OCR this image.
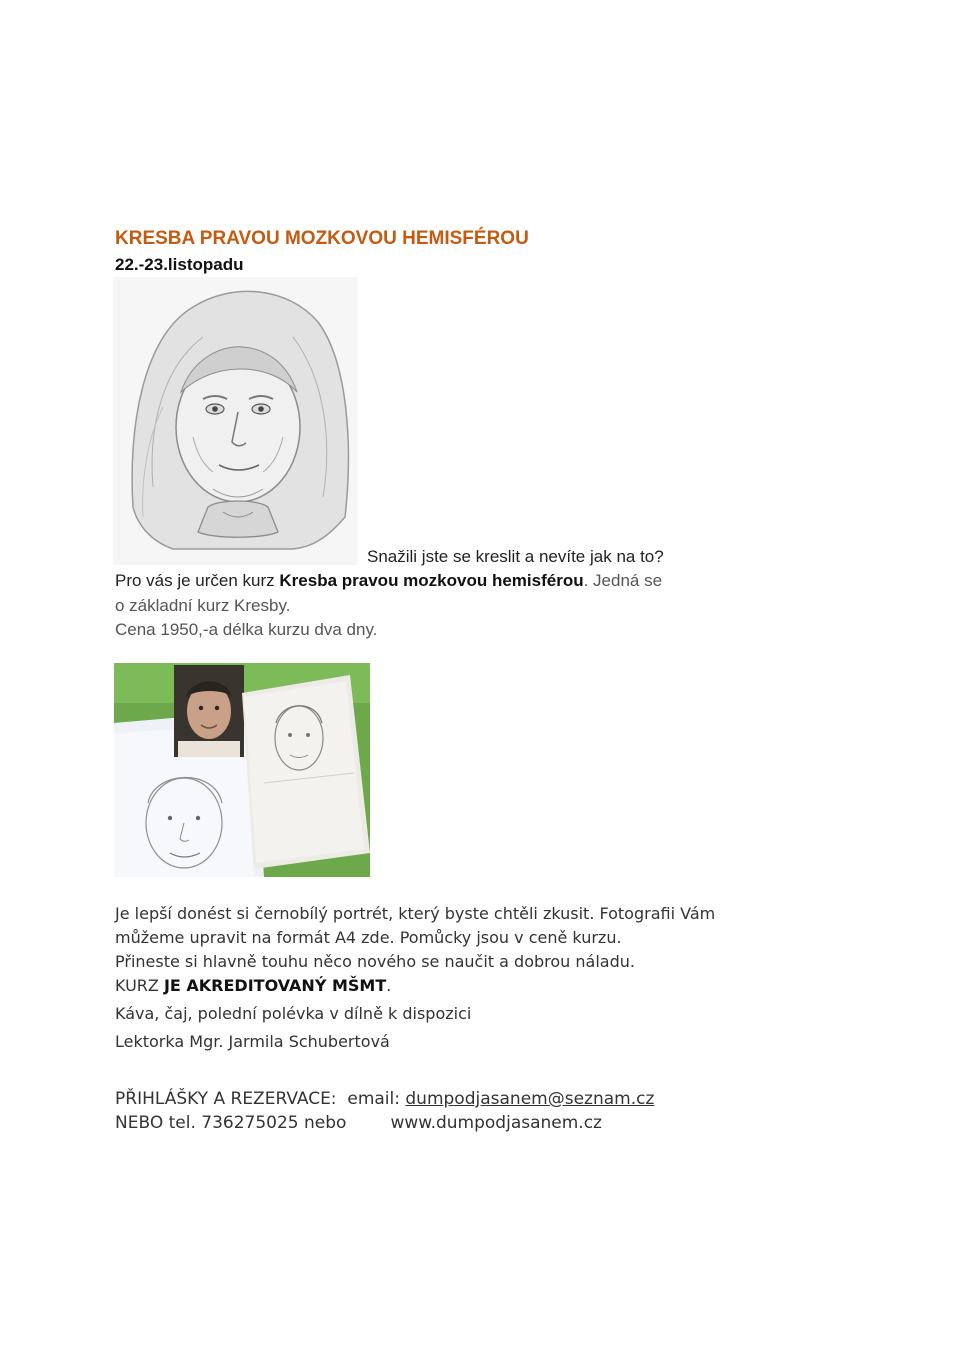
KRESBA PRAVOU MOZKOVOU HEMISFÉROU
22.-23.listopadu
Snažili jste se kreslit a nevíte jak na to?
Pro vás je určen kurz Kresba pravou mozkovou hemisférou. Jedná se
o základní kurz Kresby.
Cena 1950,-a délka kurzu dva dny.
Je lepší donést si černobílý portrét, který byste chtěli zkusit. Fotografii Vám
můžeme upravit na formát A4 zde. Pomůcky jsou v ceně kurzu.
Přineste si hlavně touhu něco nového se naučit a dobrou náladu.
KURZ JE AKREDITOVANÝ MŠMT.
Káva, čaj, polední polévka v dílně k dispozici
Lektorka Mgr. Jarmila Schubertová
PŘIHLÁŠKY A REZERVACE: email: dumpodjasanem@seznam.cz
NEBO tel. 736275025 nebo	www.dumpodjasanem.cz
